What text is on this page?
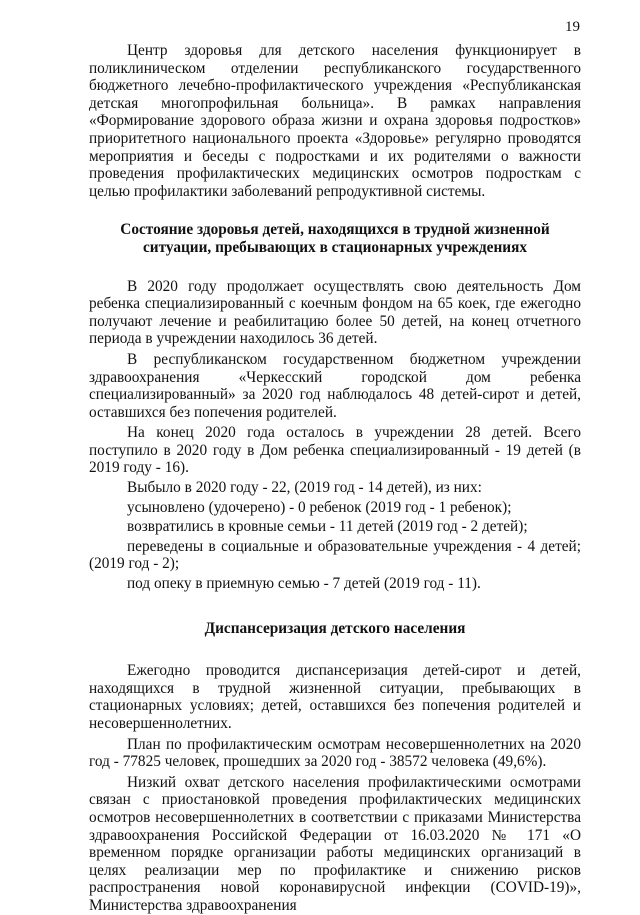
19

Центр здоровья для детского населения функционирует в поликлиническом отделении республиканского государственного бюджетного лечебно-профилактического учреждения «Республиканская детская многопрофильная больница». В рамках направления «Формирование здорового образа жизни и охрана здоровья подростков» приоритетного национального проекта «Здоровье» регулярно проводятся мероприятия и беседы с подростками и их родителями о важности проведения профилактических медицинских осмотров подросткам с целью профилактики заболеваний репродуктивной системы.

Состояние здоровья детей, находящихся в трудной жизненной
ситуации, пребывающих в стационарных учреждениях

В 2020 году продолжает осуществлять свою деятельность Дом ребенка специализированный с коечным фондом на 65 коек, где ежегодно получают лечение и реабилитацию более 50 детей, на конец отчетного периода в учреждении находилось 36 детей.

В республиканском государственном бюджетном учреждении здравоохранения «Черкесский городской дом ребенка специализированный» за 2020 год наблюдалось 48 детей-сирот и детей, оставшихся без попечения родителей.

На конец 2020 года осталось в учреждении 28 детей. Всего поступило в 2020 году в Дом ребенка специализированный - 19 детей (в 2019 году - 16).

Выбыло в 2020 году - 22, (2019 год - 14 детей), из них:

усыновлено (удочерено) - 0 ребенок (2019 год - 1 ребенок);

возвратились в кровные семьи - 11 детей (2019 год - 2 детей);

переведены в социальные и образовательные учреждения - 4 детей; (2019 год - 2);

под опеку в приемную семью - 7 детей (2019 год - 11).

Диспансеризация детского населения

Ежегодно проводится диспансеризация детей-сирот и детей, находящихся в трудной жизненной ситуации, пребывающих в стационарных условиях; детей, оставшихся без попечения родителей и несовершеннолетних.

План по профилактическим осмотрам несовершеннолетних на 2020 год - 77825 человек, прошедших за 2020 год - 38572 человека (49,6%).

Низкий охват детского населения профилактическими осмотрами связан с приостановкой проведения профилактических медицинских осмотров несовершеннолетних в соответствии с приказами Министерства здравоохранения Российской Федерации от 16.03.2020 № 171 «О временном порядке организации работы медицинских организаций в целях реализации мер по профилактике и снижению рисков распространения новой коронавирусной инфекции (COVID-19)», Министерства здравоохранения
